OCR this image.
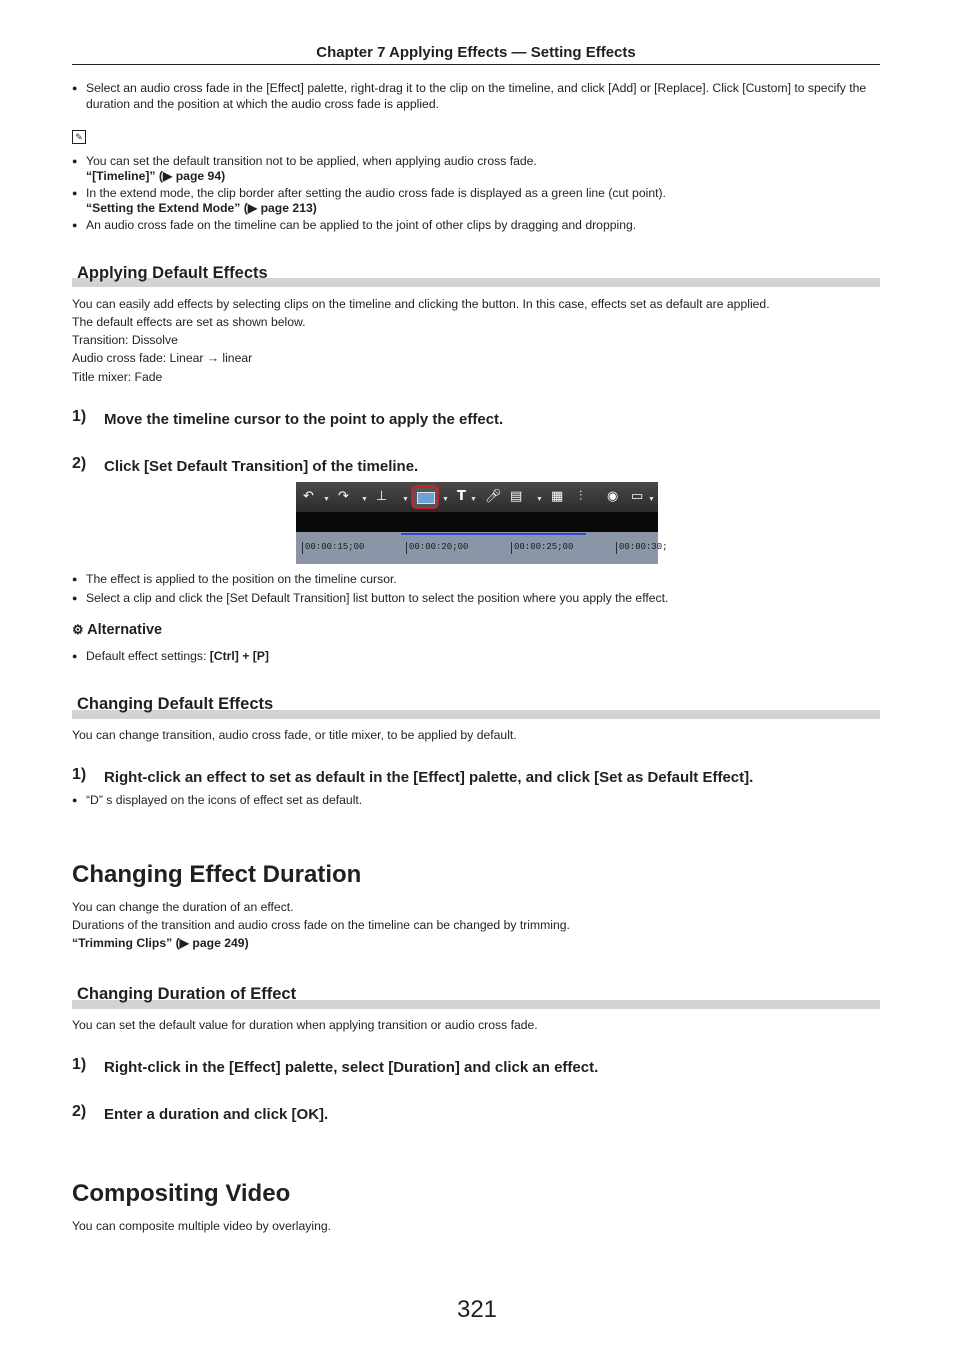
Chapter 7 Applying Effects — Setting Effects
● Select an audio cross fade in the [Effect] palette, right-drag it to the clip on the timeline, and click [Add] or [Replace]. Click [Custom] to specify the duration and the position at which the audio cross fade is applied.
✎
● You can set the default transition not to be applied, when applying audio cross fade.
“[Timeline]” (▶ page 94)
● In the extend mode, the clip border after setting the audio cross fade is displayed as a green line (cut point).
“Setting the Extend Mode” (▶ page 213)
● An audio cross fade on the timeline can be applied to the joint of other clips by dragging and dropping.
Applying Default Effects
You can easily add effects by selecting clips on the timeline and clicking the button. In this case, effects set as default are applied.
The default effects are set as shown below.
Transition: Dissolve
Audio cross fade: Linear → linear
Title mixer: Fade
1) Move the timeline cursor to the point to apply the effect.
2) Click [Set Default Transition] of the timeline.
↶ ▼ ↷ ▼ ⊥ ▼	▼ T ▼ 🎤︎ ▤ ▼ ▦ ⫶ ◉ ▭ ▼
00:00:15;00	00:00:20;00	00:00:25;00	00:00:30;
● The effect is applied to the position on the timeline cursor.
● Select a clip and click the [Set Default Transition] list button to select the position where you apply the effect.
⚙ Alternative
● Default effect settings: [Ctrl] + [P]
Changing Default Effects
You can change transition, audio cross fade, or title mixer, to be applied by default.
1) Right-click an effect to set as default in the [Effect] palette, and click [Set as Default Effect].
● “D” s displayed on the icons of effect set as default.
Changing Effect Duration
You can change the duration of an effect.
Durations of the transition and audio cross fade on the timeline can be changed by trimming.
“Trimming Clips” (▶ page 249)
Changing Duration of Effect
You can set the default value for duration when applying transition or audio cross fade.
1) Right-click in the [Effect] palette, select [Duration] and click an effect.
2) Enter a duration and click [OK].
Compositing Video
You can composite multiple video by overlaying.
321
